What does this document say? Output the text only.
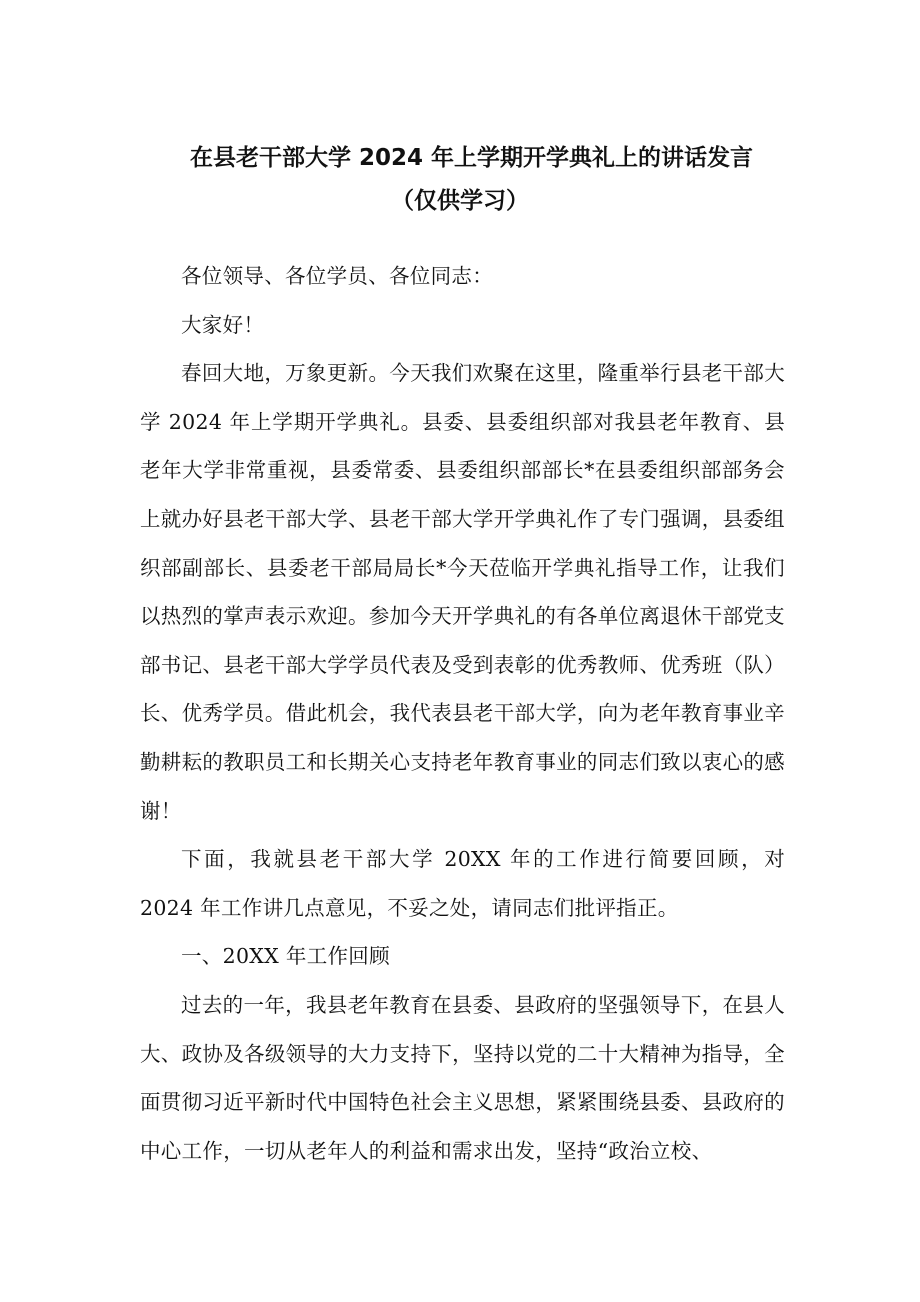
在县老干部大学 2024 年上学期开学典礼上的讲话发言
（仅供学习）

各位领导、各位学员、各位同志：

大家好！

春回大地，万象更新。今天我们欢聚在这里，隆重举行县老干部大学 2024 年上学期开学典礼。县委、县委组织部对我县老年教育、县老年大学非常重视，县委常委、县委组织部部长*在县委组织部部务会上就办好县老干部大学、县老干部大学开学典礼作了专门强调，县委组织部副部长、县委老干部局局长*今天莅临开学典礼指导工作，让我们以热烈的掌声表示欢迎。参加今天开学典礼的有各单位离退休干部党支部书记、县老干部大学学员代表及受到表彰的优秀教师、优秀班（队）长、优秀学员。借此机会，我代表县老干部大学，向为老年教育事业辛勤耕耘的教职员工和长期关心支持老年教育事业的同志们致以衷心的感谢！

下面，我就县老干部大学 20XX 年的工作进行简要回顾，对 2024 年工作讲几点意见，不妥之处，请同志们批评指正。

一、20XX 年工作回顾

过去的一年，我县老年教育在县委、县政府的坚强领导下，在县人大、政协及各级领导的大力支持下，坚持以党的二十大精神为指导，全面贯彻习近平新时代中国特色社会主义思想，紧紧围绕县委、县政府的中心工作，一切从老年人的利益和需求出发，坚持“政治立校、
